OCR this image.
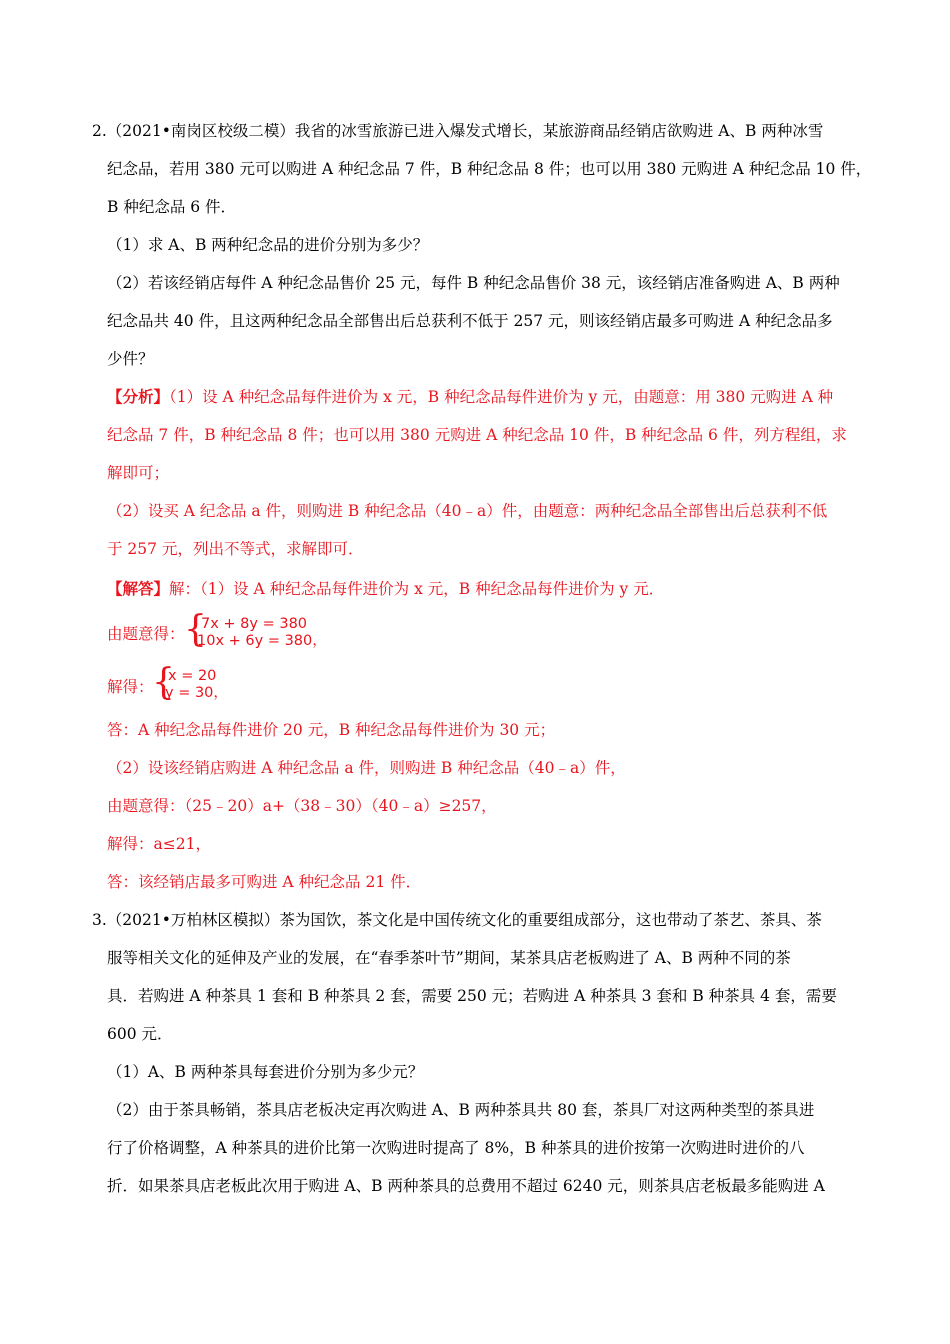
2.（2021•南岗区校级二模）我省的冰雪旅游已进入爆发式增长，某旅游商品经销店欲购进 A、B 两种冰雪
纪念品，若用 380 元可以购进 A 种纪念品 7 件，B 种纪念品 8 件；也可以用 380 元购进 A 种纪念品 10 件，
B 种纪念品 6 件．
（1）求 A、B 两种纪念品的进价分别为多少？
（2）若该经销店每件 A 种纪念品售价 25 元，每件 B 种纪念品售价 38 元，该经销店准备购进 A、B 两种
纪念品共 40 件，且这两种纪念品全部售出后总获利不低于 257 元，则该经销店最多可购进 A 种纪念品多
少件？
【分析】（1）设 A 种纪念品每件进价为 x 元，B 种纪念品每件进价为 y 元，由题意：用 380 元购进 A 种
纪念品 7 件，B 种纪念品 8 件；也可以用 380 元购进 A 种纪念品 10 件，B 种纪念品 6 件，列方程组，求
解即可；
（2）设买 A 纪念品 a 件，则购进 B 种纪念品（40﹣a）件，由题意：两种纪念品全部售出后总获利不低
于 257 元，列出不等式，求解即可．
【解答】解：（1）设 A 种纪念品每件进价为 x 元，B 种纪念品每件进价为 y 元．
由题意得： {
7x + 8y = 380
10x + 6y = 380，
解得：
{
x = 20
y = 30，
答：A 种纪念品每件进价 20 元，B 种纪念品每件进价为 30 元；
（2）设该经销店购进 A 种纪念品 a 件，则购进 B 种纪念品（40﹣a）件，
由题意得：（25﹣20）a+（38﹣30）（40﹣a）≥257，
解得：a≤21，
答：该经销店最多可购进 A 种纪念品 21 件．
3.（2021•万柏林区模拟）茶为国饮，茶文化是中国传统文化的重要组成部分，这也带动了茶艺、茶具、茶
服等相关文化的延伸及产业的发展，在“春季茶叶节”期间，某茶具店老板购进了 A、B 两种不同的茶
具．若购进 A 种茶具 1 套和 B 种茶具 2 套，需要 250 元；若购进 A 种茶具 3 套和 B 种茶具 4 套，需要
600 元．
（1）A、B 两种茶具每套进价分别为多少元？
（2）由于茶具畅销，茶具店老板决定再次购进 A、B 两种茶具共 80 套，茶具厂对这两种类型的茶具进
行了价格调整，A 种茶具的进价比第一次购进时提高了 8%，B 种茶具的进价按第一次购进时进价的八
折．如果茶具店老板此次用于购进 A、B 两种茶具的总费用不超过 6240 元，则茶具店老板最多能购进 A
